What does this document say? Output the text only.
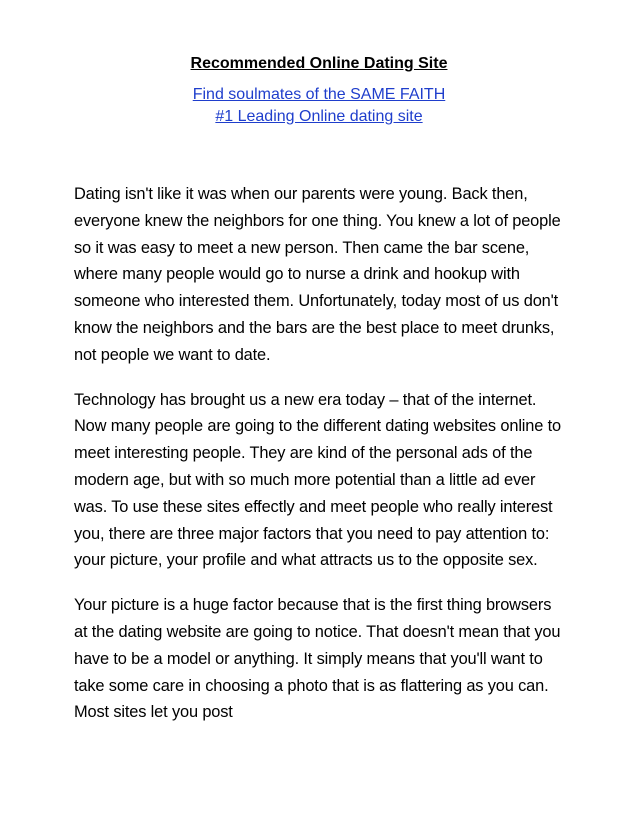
Recommended Online Dating Site
Find soulmates of the SAME FAITH
#1 Leading Online dating site

Dating isn't like it was when our parents were young. Back then, everyone knew the neighbors for one thing. You knew a lot of people so it was easy to meet a new person. Then came the bar scene, where many people would go to nurse a drink and hookup with someone who interested them. Unfortunately, today most of us don't know the neighbors and the bars are the best place to meet drunks, not people we want to date.

Technology has brought us a new era today – that of the internet. Now many people are going to the different dating websites online to meet interesting people. They are kind of the personal ads of the modern age, but with so much more potential than a little ad ever was. To use these sites effectly and meet people who really interest you, there are three major factors that you need to pay attention to: your picture, your profile and what attracts us to the opposite sex.

Your picture is a huge factor because that is the first thing browsers at the dating website are going to notice. That doesn't mean that you have to be a model or anything. It simply means that you'll want to take some care in choosing a photo that is as flattering as you can. Most sites let you post
